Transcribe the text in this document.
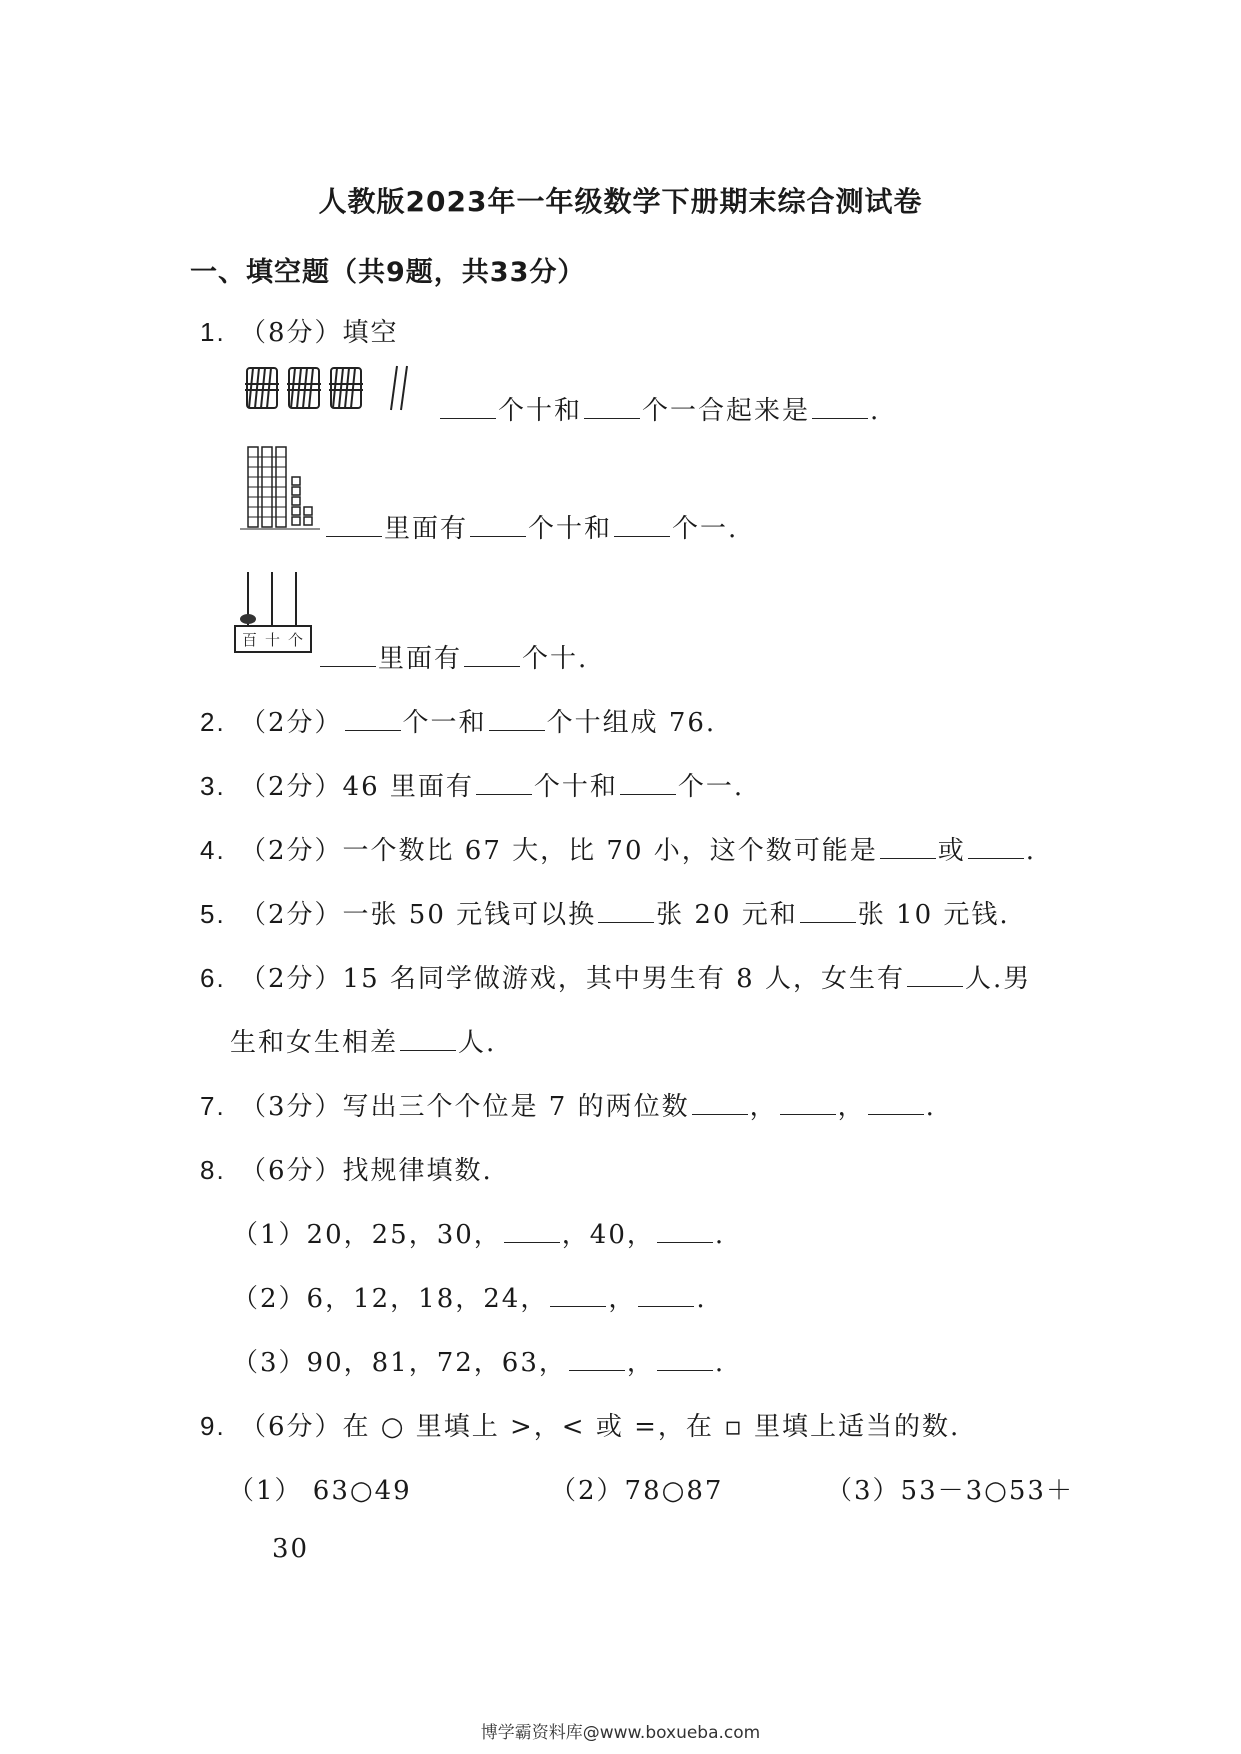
人教版2023年一年级数学下册期末综合测试卷
一、填空题（共9题，共33分）
1. （8分）填空
个十和 个一合起来是 .
里面有 个十和 个一.
百 十 个
里面有 个十.
2. （2分） 个一和 个十组成 76.
3. （2分）46 里面有 个十和 个一.
4. （2分）一个数比 67 大，比 70 小，这个数可能是 或 .
5. （2分）一张 50 元钱可以换 张 20 元和 张 10 元钱.
6. （2分）15 名同学做游戏，其中男生有 8 人，女生有 人.男
生和女生相差 人.
7. （3分）写出三个个位是 7 的两位数 ， ， .
8. （6分）找规律填数.
（1）20，25，30， ，40， .
（2）6，12，18，24， ， .
（3）90，81，72，63， ， .
9. （6分）在 ○ 里填上 >，< 或 =，在 ▫ 里填上适当的数.
（1） 63○49	（2）78○87	（3）53－3○53＋
30
博学霸资料库@www.boxueba.com
